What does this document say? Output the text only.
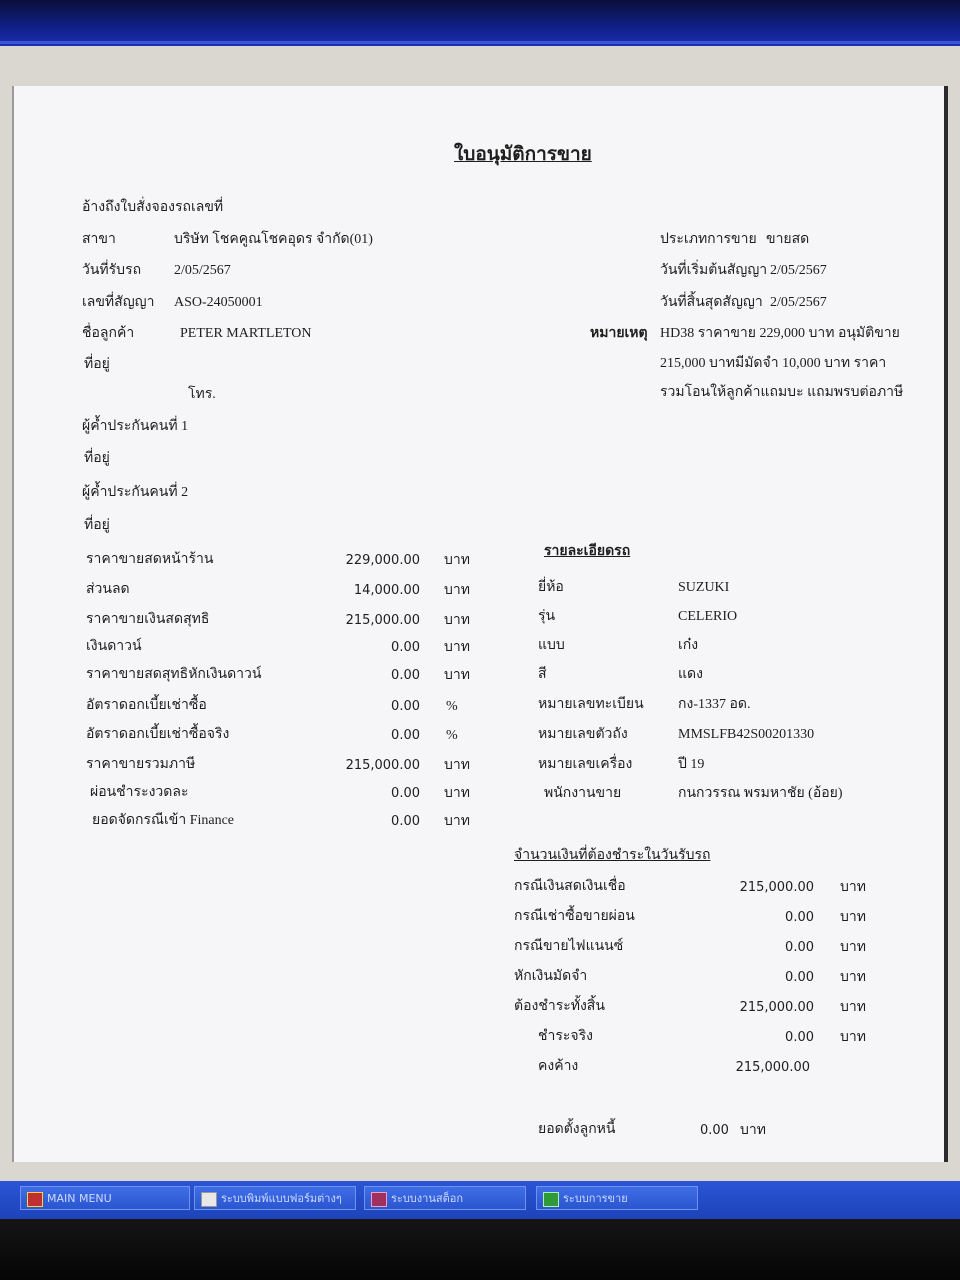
ใบอนุมัติการขาย
อ้างถึงใบสั่งจองรถเลขที่
สาขา	บริษัท โชคคูณโชคอุดร จำกัด(01)
วันที่รับรถ 2/05/2567
เลขที่สัญญา ASO-24050001
ชื่อลูกค้า	PETER MARTLETON
ที่อยู่
โทร.
ผู้ค้ำประกันคนที่ 1
ที่อยู่
ผู้ค้ำประกันคนที่ 2
ที่อยู่
ประเภทการขาย ขายสด
วันที่เริ่มต้นสัญญา 2/05/2567
วันที่สิ้นสุดสัญญา 2/05/2567
หมายเหตุ HD38 ราคาขาย 229,000 บาท อนุมัติขาย
215,000 บาทมีมัดจำ 10,000 บาท ราคา
รวมโอนให้ลูกค้าแถมบะ แถมพรบต่อภาษี
ราคาขายสดหน้าร้าน	229,000.00 บาท
ส่วนลด	14,000.00 บาท
ราคาขายเงินสดสุทธิ	215,000.00 บาท
เงินดาวน์	0.00 บาท
ราคาขายสดสุทธิหักเงินดาวน์	0.00 บาท
อัตราดอกเบี้ยเช่าซื้อ	0.00 %
อัตราดอกเบี้ยเช่าซื้อจริง	0.00 %
ราคาขายรวมภาษี	215,000.00 บาท
ผ่อนชำระงวดละ	0.00 บาท
ยอดจัดกรณีเข้า Finance	0.00 บาท
รายละเอียดรถ
ยี่ห้อ	SUZUKI
รุ่น	CELERIO
แบบ	เก๋ง
สี	แดง
หมายเลขทะเบียน กง-1337 อด.
หมายเลขตัวถัง	MMSLFB42S00201330
หมายเลขเครื่อง	ปี 19
พนักงานขาย	กนกวรรณ พรมหาชัย (อ้อย)
จำนวนเงินที่ต้องชำระในวันรับรถ
กรณีเงินสดเงินเชื่อ	215,000.00 บาท
กรณีเช่าซื้อขายผ่อน	0.00 บาท
กรณีขายไฟแนนซ์	0.00 บาท
หักเงินมัดจำ	0.00 บาท
ต้องชำระทั้งสิ้น	215,000.00 บาท
ชำระจริง	0.00 บาท
คงค้าง	215,000.00
ยอดตั้งลูกหนี้	0.00 บาท
MAIN MENU	ระบบพิมพ์แบบฟอร์มต่างๆ	ระบบงานสต็อก	ระบบการขาย
